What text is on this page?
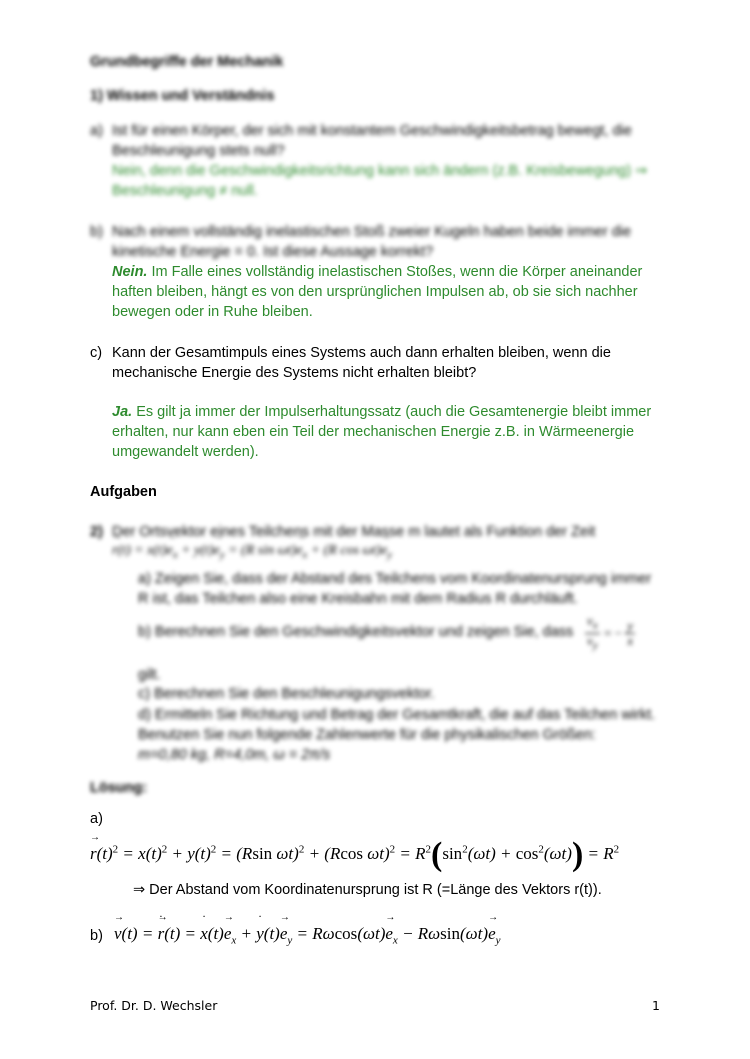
Grundbegriffe der Mechanik
1) Wissen und Verständnis
a) Ist für einen Körper, der sich mit konstantem Geschwindigkeitsbetrag bewegt, die Beschleunigung stets null?
Nein, denn die Geschwindigkeitsrichtung kann sich ändern (z.B. Kreisbewegung) ⇒ Beschleunigung ≠ null.
b) Nach einem vollständig inelastischen Stoß zweier Kugeln haben beide immer die kinetische Energie = 0. Ist diese Aussage korrekt?
Nein. Im Falle eines vollständig inelastischen Stoßes, wenn die Körper aneinander haften bleiben, hängt es von den ursprünglichen Impulsen ab, ob sie sich nachher bewegen oder in Ruhe bleiben.
c) Kann der Gesamtimpuls eines Systems auch dann erhalten bleiben, wenn die mechanische Energie des Systems nicht erhalten bleibt?
Ja. Es gilt ja immer der Impulserhaltungssatz (auch die Gesamtenergie bleibt immer erhalten, nur kann eben ein Teil der mechanischen Energie z.B. in Wärmeenergie umgewandelt werden).
Aufgaben
2) Der Ortsvektor eines Teilchens mit der Masse m lautet als Funktion der Zeit
→ $r(t) = x(t)\to e_x + y(t)\to e_y = (R$ $\sin \omega t)\to e_x + (R$ $\cos \omega t)\to e_y$
a) Zeigen Sie, dass der Abstand des Teilchens vom Koordinatenursprung immer R ist, das Teilchen also eine Kreisbahn mit dem Radius R durchläuft.
b) Berechnen Sie den Geschwindigkeitsvektor und zeigen Sie, dass $\frac{v_x}{v_y}$ = − $\frac{y}{x}$
gilt.
c) Berechnen Sie den Beschleunigungsvektor.
d) Ermitteln Sie Richtung und Betrag der Gesamtkraft, die auf das Teilchen wirkt. Benutzen Sie nun folgende Zahlenwerte für die physikalischen Größen:
m=0,80 kg, R=4,0m, ω = 2π/s
Lösung:
a)
→ $r(t)^2 = x(t)^2 + y(t)^2 = (Rsin$ ωt)$^2$ + (Rcos $\omega t)^2 = R^2(\sin^2(\omega t) + \cos^2(\omega t)) = R^2$
⇒ Der Abstand vom Koordinatenursprung ist R (=Länge des Vektors r(t)).
b)
→ v(t) = → ˙ r(t) = ˙ $x(t)\to e_x$ + ˙ $y(t)\to e_y = R\omega\cos(\omega t)\to e_x - R\omega\sin(\omega t)\to e_y$
Prof. Dr. D. Wechsler	1
